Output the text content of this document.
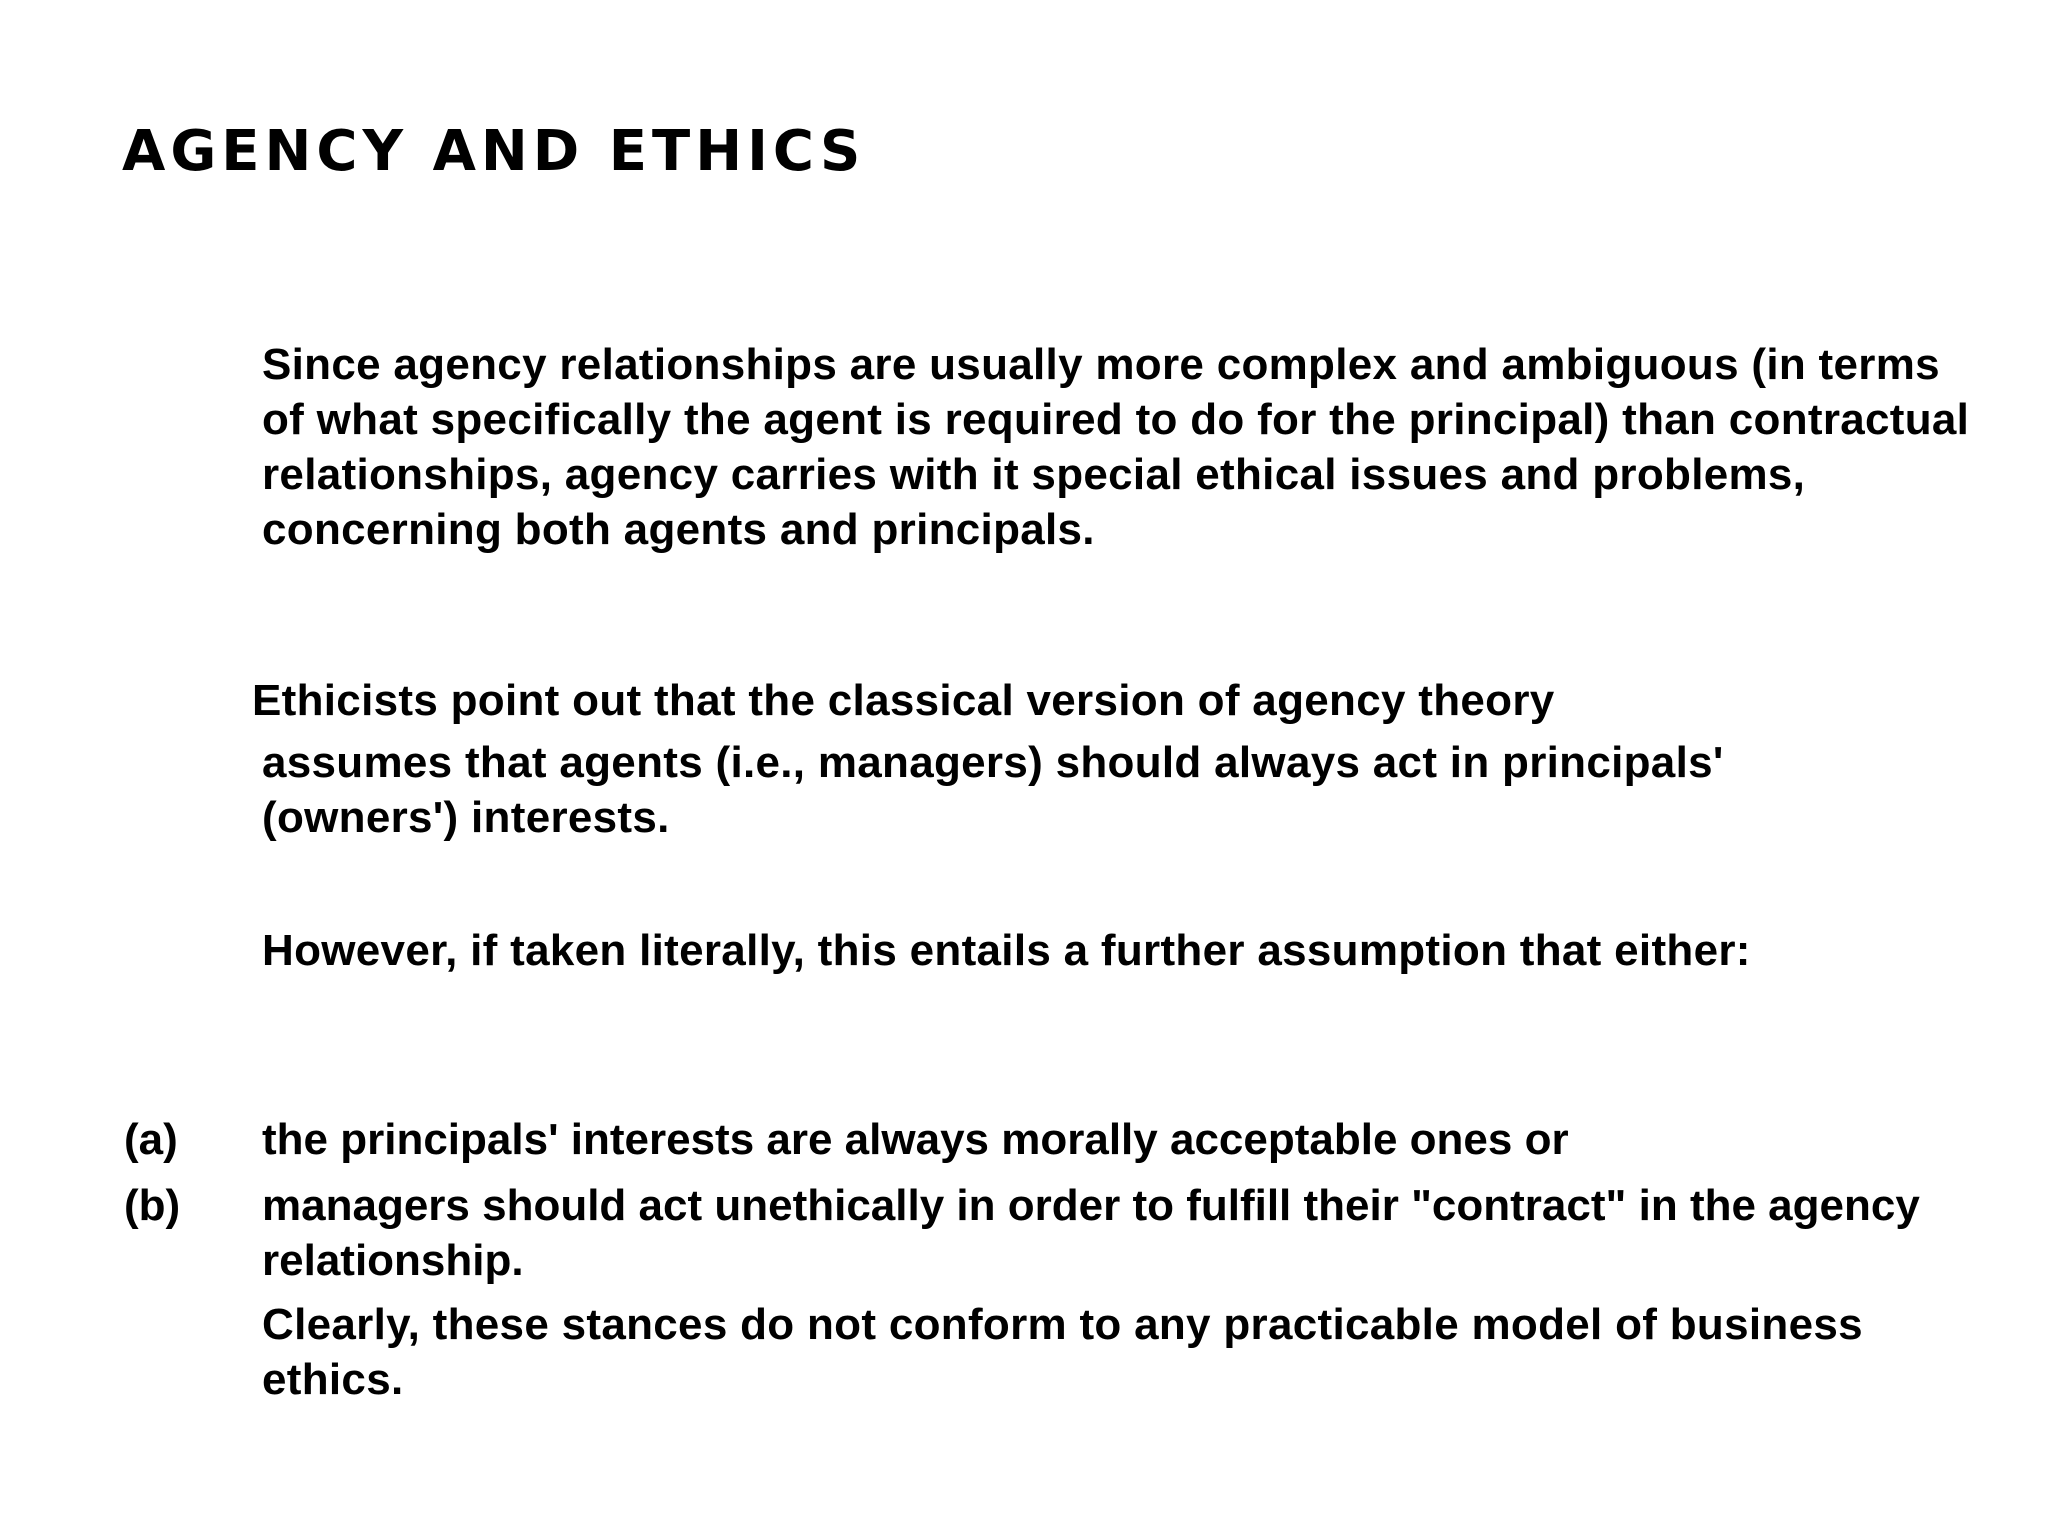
AGENCY AND ETHICS

Since agency relationships are usually more complex and ambiguous (in terms of what specifically the agent is required to do for the principal) than contractual relationships, agency carries with it special ethical issues and problems, concerning both agents and principals.

Ethicists point out that the classical version of agency theory

assumes that agents (i.e., managers) should always act in principals' (owners') interests.

However, if taken literally, this entails a further assumption that either:

(a) the principals' interests are always morally acceptable ones or
(b) managers should act unethically in order to fulfill their "contract" in the agency relationship.

Clearly, these stances do not conform to any practicable model of business ethics.
